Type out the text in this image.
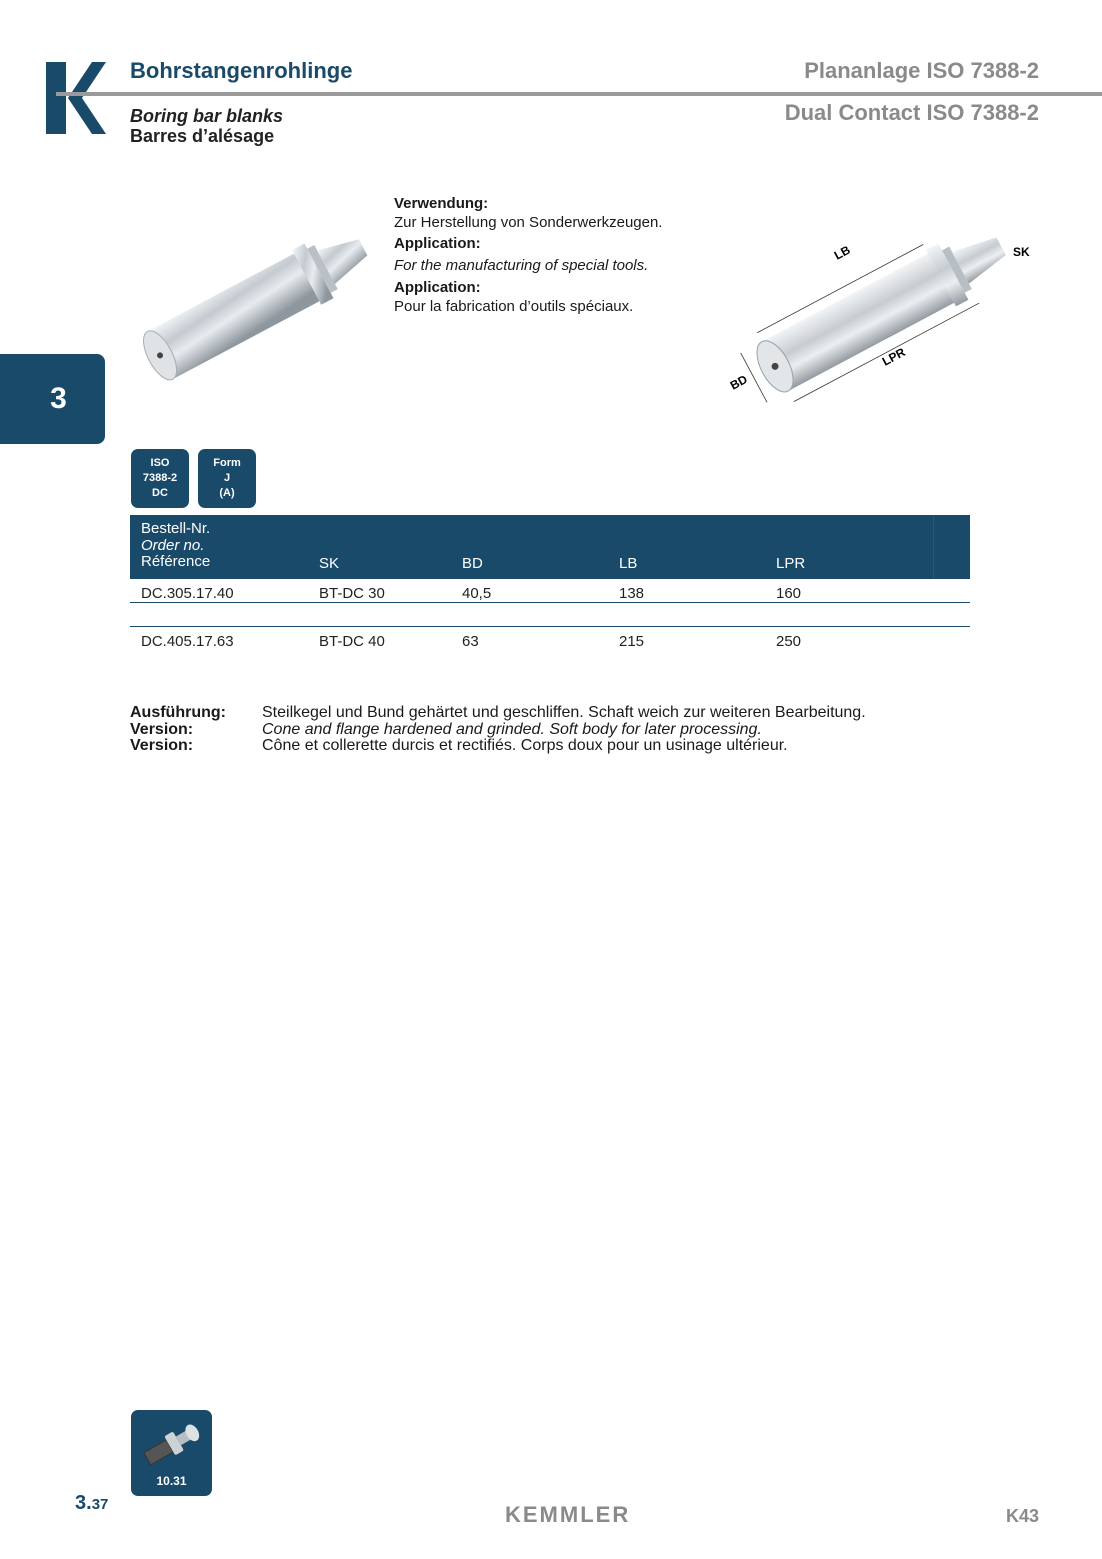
Bohrstangenrohlinge
Boring bar blanks
Barres d’alésage
Plananlage ISO 7388-2
Dual Contact ISO 7388-2
3
Verwendung:
Zur Herstellung von Sonderwerkzeugen.
Application:
For the manufacturing of special tools.
Application:
Pour la fabrication d’outils spéciaux.
LB	SK
BD
LPR
ISO
7388-2
DC
Form
J
(A)
Bestell-Nr.
Order no.
Référence	SK	BD	LB	LPR
DC.305.17.40	BT-DC 30	40,5	138	160
DC.405.17.63	BT-DC 40	63	215	250
Ausführung:	Steilkegel und Bund gehärtet und geschliffen. Schaft weich zur weiteren Bearbeitung.
Version:	Cone and flange hardened and grinded. Soft body for later processing.
Version:	Cône et collerette durcis et rectifiés. Corps doux pour un usinage ultérieur.
10.31
3.37	KEMMLER	K43
